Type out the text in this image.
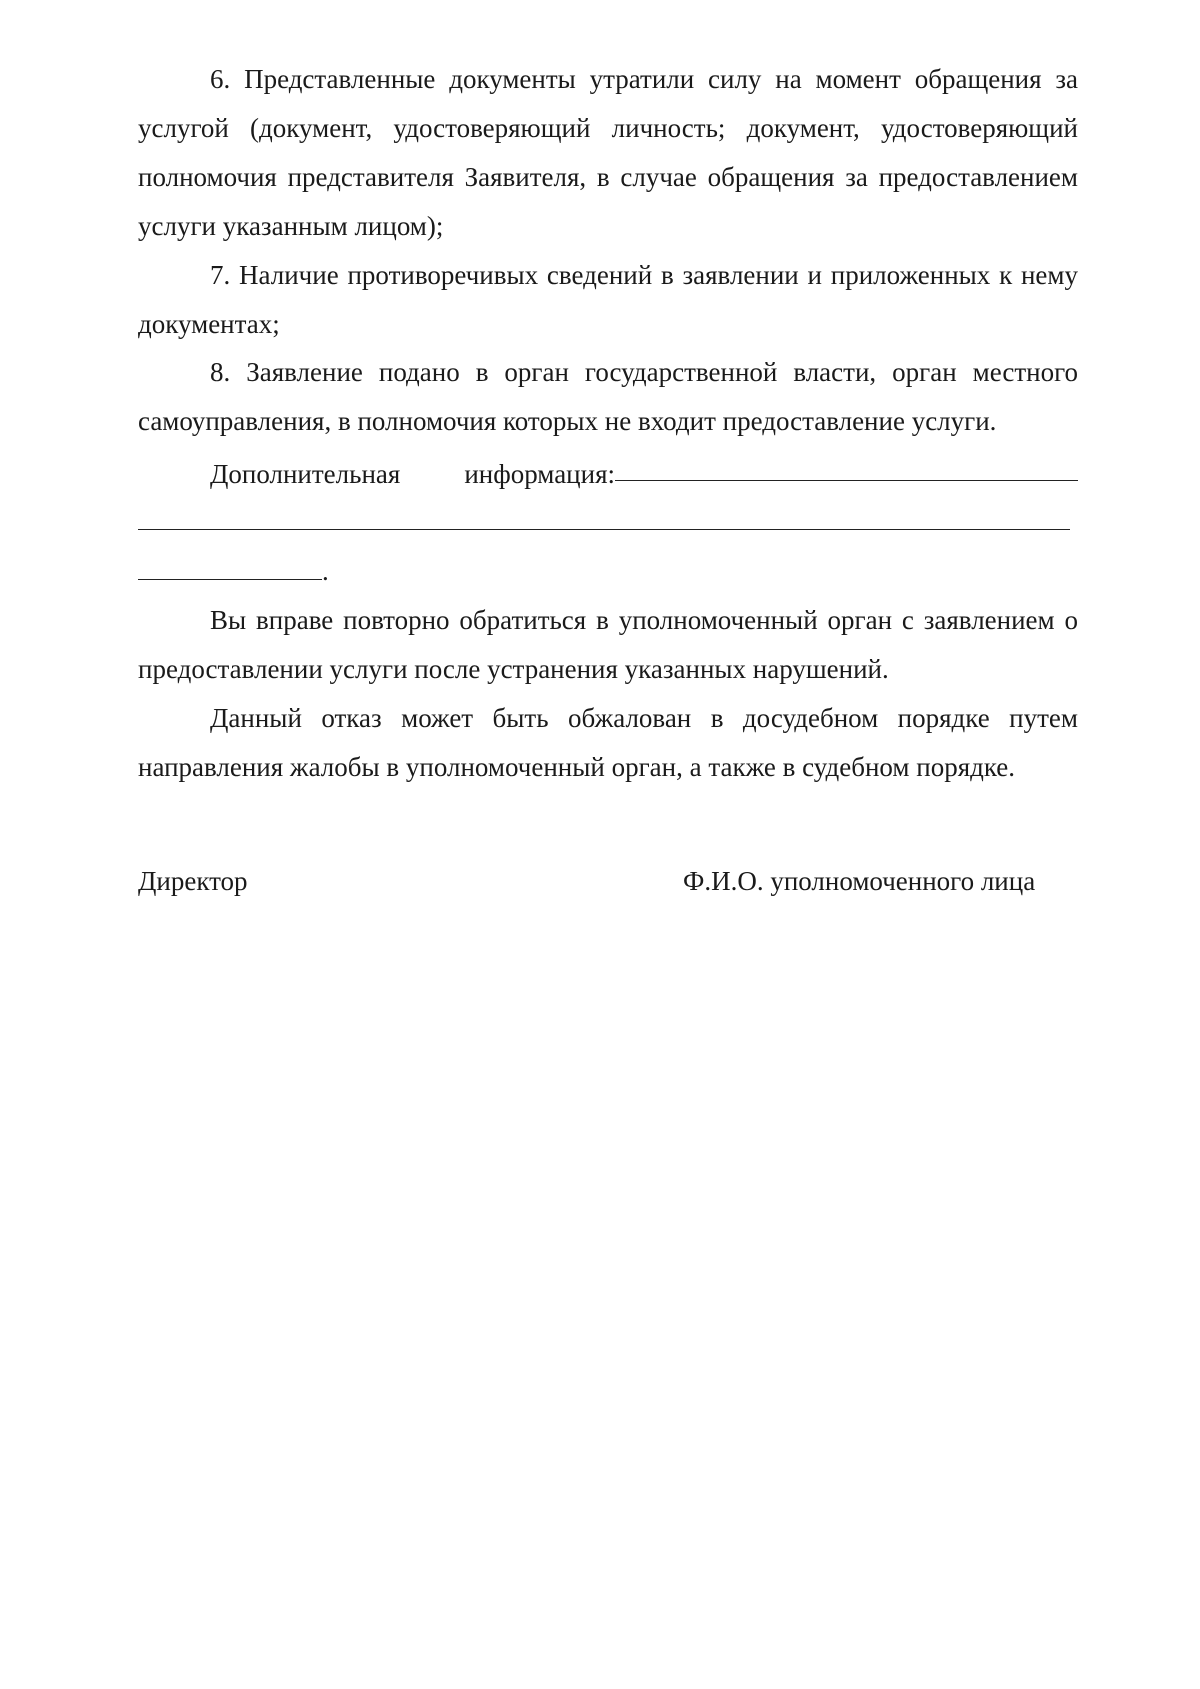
6. Представленные документы утратили силу на момент обращения за услугой (документ, удостоверяющий личность; документ, удостоверяющий полномочия представителя Заявителя, в случае обращения за предоставлением услуги указанным лицом);

7. Наличие противоречивых сведений в заявлении и приложенных к нему документах;

8. Заявление подано в орган государственной власти, орган местного самоуправления, в полномочия которых не входит предоставление услуги.

Дополнительная информация:
.

Вы вправе повторно обратиться в уполномоченный орган с заявлением о предоставлении услуги после устранения указанных нарушений.

Данный отказ может быть обжалован в досудебном порядке путем направления жалобы в уполномоченный орган, а также в судебном порядке.

Директор	Ф.И.О. уполномоченного лица
